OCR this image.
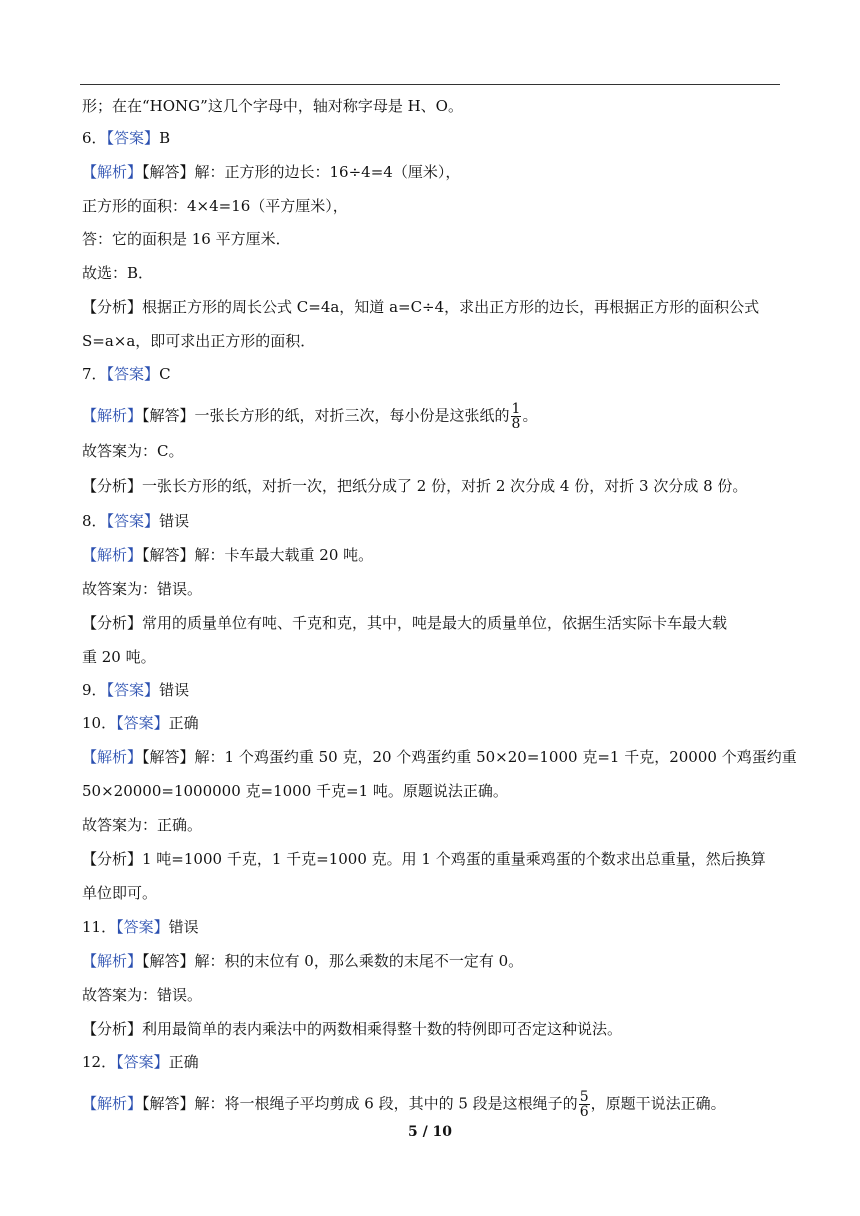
形；在在“HONG”这几个字母中，轴对称字母是 H、O。
6．【答案】B
【解析】【解答】解：正方形的边长：16÷4=4（厘米），
正方形的面积：4×4=16（平方厘米），
答：它的面积是 16 平方厘米．
故选：B．
【分析】根据正方形的周长公式 C=4a，知道 a=C÷4，求出正方形的边长，再根据正方形的面积公式
S=a×a，即可求出正方形的面积．
7．【答案】C
【解析】【解答】一张长方形的纸，对折三次，每小份是这张纸的 $\frac{1}{8}$ 。
故答案为：C。
【分析】一张长方形的纸，对折一次，把纸分成了 2 份，对折 2 次分成 4 份，对折 3 次分成 8 份。
8．【答案】错误
【解析】【解答】解：卡车最大载重 20 吨。
故答案为：错误。
【分析】常用的质量单位有吨、千克和克，其中，吨是最大的质量单位，依据生活实际卡车最大载
重 20 吨。
9．【答案】错误
10．【答案】正确
【解析】【解答】解：1 个鸡蛋约重 50 克，20 个鸡蛋约重 50×20=1000 克=1 千克，20000 个鸡蛋约重
50×20000=1000000 克=1000 千克=1 吨。原题说法正确。
故答案为：正确。
【分析】1 吨=1000 千克，1 千克=1000 克。用 1 个鸡蛋的重量乘鸡蛋的个数求出总重量，然后换算
单位即可。
11．【答案】错误
【解析】【解答】解：积的末位有 0，那么乘数的末尾不一定有 0。
故答案为：错误。
【分析】利用最简单的表内乘法中的两数相乘得整十数的特例即可否定这种说法。
12．【答案】正确
【解析】【解答】解：将一根绳子平均剪成 6 段，其中的 5 段是这根绳子的 $\frac{5}{6}$ ，原题干说法正确。
5 / 10
